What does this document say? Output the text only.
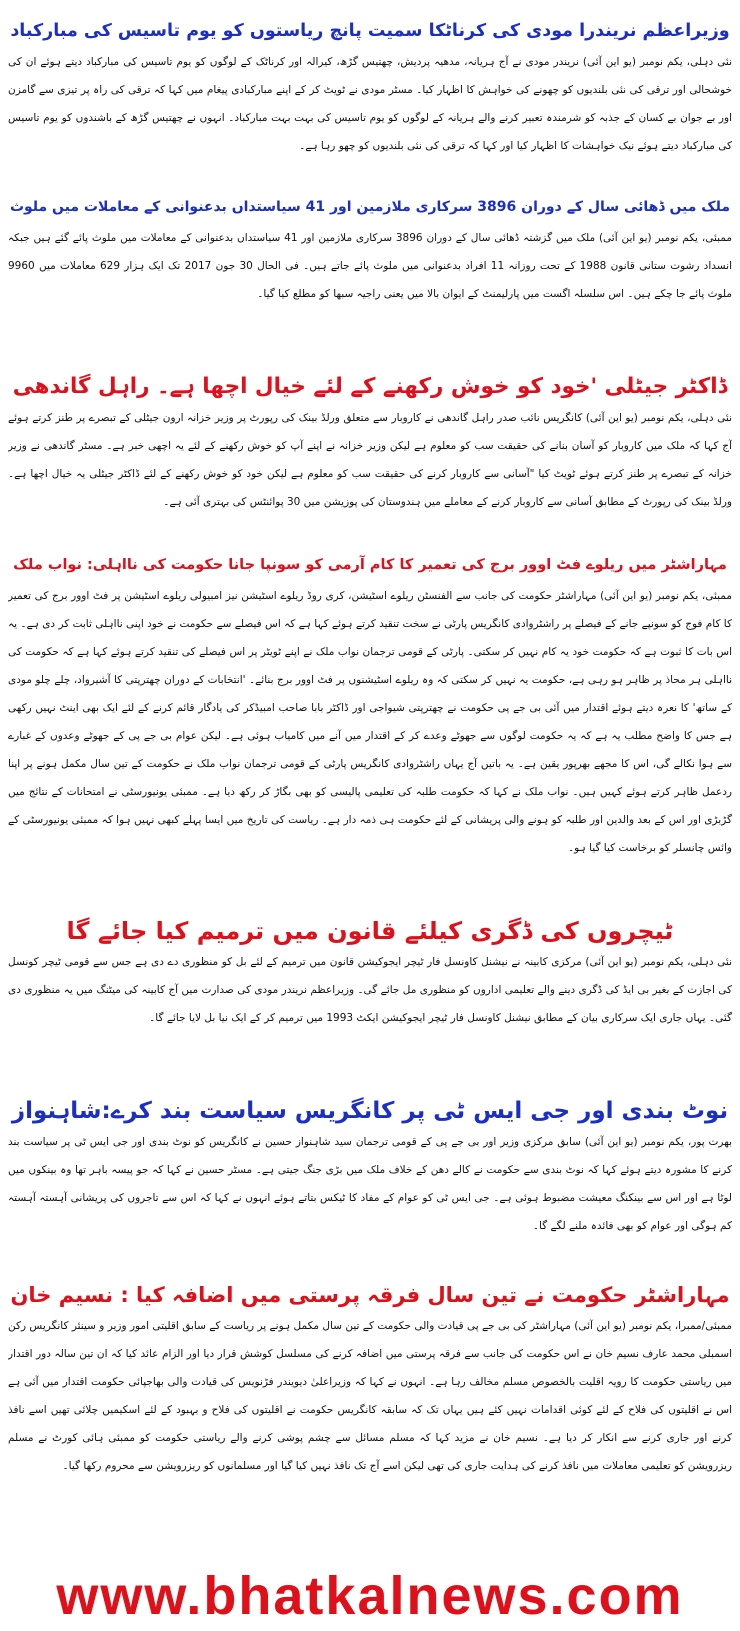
وزیراعظم نریندرا مودی کی کرناٹکا سمیت پانچ ریاستوں کو یوم تاسیس کی مبارکباد
نئی دہلی، یکم نومبر (یو این آئی) نریندر مودی نے آج ہریانہ، مدھیہ پردیش، چھتیس گڑھ، کیرالہ اور کرناٹک کے لوگوں کو یوم تاسیس کی مبارکباد دیتے ہوئے ان کی خوشحالی اور ترقی کی نئی بلندیوں کو چھونے کی خواہش کا اظہار کیا۔ مسٹر مودی نے ٹویٹ کر کے اپنے مبارکبادی پیغام میں کہا کہ ترقی کی راہ پر تیزی سے گامزن اور بے جوان بے کسان کے جذبہ کو شرمندہ تعبیر کرنے والے ہریانہ کے لوگوں کو یوم تاسیس کی بہت بہت مبارکباد۔ انہوں نے چھتیس گڑھ کے باشندوں کو یوم تاسیس کی مبارکباد دیتے ہوئے نیک خواہشات کا اظہار کیا اور کہا کہ ترقی کی نئی بلندیوں کو چھو رہا ہے۔
ملک میں ڈھائی سال کے دوران 3896 سرکاری ملازمین اور 41 سیاستداں بدعنوانی کے معاملات میں ملوث
ممبئی، یکم نومبر (یو این آئی) ملک میں گزشتہ ڈھائی سال کے دوران 3896 سرکاری ملازمین اور 41 سیاستداں بدعنوانی کے معاملات میں ملوث پائے گئے ہیں جبکہ انسداد رشوت ستانی قانون 1988 کے تحت روزانہ 11 افراد بدعنوانی میں ملوث پائے جاتے ہیں۔ فی الحال 30 جون 2017 تک ایک ہزار 629 معاملات میں 9960 ملوث پائے جا چکے ہیں۔ اس سلسلہ اگست میں پارلیمنٹ کے ایوان بالا میں یعنی راجیہ سبھا کو مطلع کیا گیا۔
ڈاکٹر جیٹلی 'خود کو خوش رکھنے کے لئے خیال اچھا ہے۔ راہل گاندھی
نئی دہلی، یکم نومبر (یو این آئی) کانگریس نائب صدر راہل گاندھی نے کاروبار سے متعلق ورلڈ بینک کی رپورٹ پر وزیر خزانہ ارون جیٹلی کے تبصرے پر طنز کرتے ہوئے آج کہا کہ ملک میں کاروبار کو آسان بنانے کی حقیقت سب کو معلوم ہے لیکن وزیر خزانہ نے اپنے آپ کو خوش رکھنے کے لئے یہ اچھی خبر ہے۔ مسٹر گاندھی نے وزیر خزانہ کے تبصرے پر طنز کرتے ہوئے ٹویٹ کیا "آسانی سے کاروبار کرنے کی حقیقت سب کو معلوم ہے لیکن خود کو خوش رکھنے کے لئے ڈاکٹر جیٹلی یہ خیال اچھا ہے۔ ورلڈ بینک کی رپورٹ کے مطابق آسانی سے کاروبار کرنے کے معاملے میں ہندوستان کی پوزیشن میں 30 پوائنٹس کی بہتری آئی ہے۔
مہاراشٹر میں ریلوے فٹ اوور برج کی تعمیر کا کام آرمی کو سونپا جانا حکومت کی نااہلی: نواب ملک
ممبئی، یکم نومبر (یو این آئی) مہاراشٹر حکومت کی جانب سے الفنسٹن ریلوے اسٹیشن، کری روڈ ریلوے اسٹیشن نیز امبیولی ریلوے اسٹیشن پر فٹ اوور برج کی تعمیر کا کام فوج کو سونپے جانے کے فیصلے پر راشٹروادی کانگریس پارٹی نے سخت تنقید کرتے ہوئے کہا ہے کہ اس فیصلے سے حکومت نے خود اپنی نااہلی ثابت کر دی ہے۔ یہ اس بات کا ثبوت ہے کہ حکومت خود یہ کام نہیں کر سکتی۔ پارٹی کے قومی ترجمان نواب ملک نے اپنے ٹویٹر پر اس فیصلے کی تنقید کرتے ہوئے کہا ہے کہ حکومت کی نااہلی ہر محاذ پر ظاہر ہو رہی ہے، حکومت یہ نہیں کر سکتی کہ وہ ریلوے اسٹیشنوں پر فٹ اوور برج بنائے۔ 'انتخابات کے دوران چھترپتی کا آشیرواد، چلے چلو مودی کے ساتھ' کا نعرہ دیتے ہوئے اقتدار میں آئی بی جے پی حکومت نے چھترپتی شیواجی اور ڈاکٹر بابا صاحب امبیڈکر کی یادگار قائم کرنے کے لئے ایک بھی اینٹ نہیں رکھی ہے جس کا واضح مطلب یہ ہے کہ یہ حکومت لوگوں سے جھوٹے وعدے کر کے اقتدار میں آنے میں کامیاب ہوئی ہے۔ لیکن عوام بی جے پی کے جھوٹے وعدوں کے غبارے سے ہوا نکالے گی، اس کا مجھے بھرپور یقین ہے۔ یہ باتیں آج یہاں راشٹروادی کانگریس پارٹی کے قومی ترجمان نواب ملک نے حکومت کے تین سال مکمل ہونے پر اپنا ردعمل ظاہر کرتے ہوئے کہیں ہیں۔ نواب ملک نے کہا کہ حکومت طلبہ کی تعلیمی پالیسی کو بھی بگاڑ کر رکھ دیا ہے۔ ممبئی یونیورسٹی نے امتحانات کے نتائج میں گڑبڑی اور اس کے بعد والدین اور طلبہ کو ہونے والی پریشانی کے لئے حکومت ہی ذمہ دار ہے۔ ریاست کی تاریخ میں ایسا پہلے کبھی نہیں ہوا کہ ممبئی یونیورسٹی کے وائس چانسلر کو برخاست کیا گیا ہو۔
ٹیچروں کی ڈگری کیلئے قانون میں ترمیم کیا جائے گا
نئی دہلی، یکم نومبر (یو این آئی) مرکزی کابینہ نے نیشنل کاونسل فار ٹیچر ایجوکیشن قانون میں ترمیم کے لئے بل کو منظوری دے دی ہے جس سے قومی ٹیچر کونسل کی اجازت کے بغیر بی ایڈ کی ڈگری دینے والے تعلیمی اداروں کو منظوری مل جائے گی۔ وزیراعظم نریندر مودی کی صدارت میں آج کابینہ کی میٹنگ میں یہ منظوری دی گئی۔ یہاں جاری ایک سرکاری بیان کے مطابق نیشنل کاونسل فار ٹیچر ایجوکیشن ایکٹ 1993 میں ترمیم کر کے ایک نیا بل لایا جائے گا۔
نوٹ بندی اور جی ایس ٹی پر کانگریس سیاست بند کرے:شاہنواز
بھرت پور، یکم نومبر (یو این آئی) سابق مرکزی وزیر اور بی جے پی کے قومی ترجمان سید شاہنواز حسین نے کانگریس کو نوٹ بندی اور جی ایس ٹی پر سیاست بند کرنے کا مشورہ دیتے ہوئے کہا کہ نوٹ بندی سے حکومت نے کالے دھن کے خلاف ملک میں بڑی جنگ جیتی ہے۔ مسٹر حسین نے کہا کہ جو پیسہ باہر تھا وہ بینکوں میں لوٹا ہے اور اس سے بینکنگ معیشت مضبوط ہوئی ہے۔ جی ایس ٹی کو عوام کے مفاد کا ٹیکس بتاتے ہوئے انہوں نے کہا کہ اس سے تاجروں کی پریشانی آہستہ آہستہ کم ہوگی اور عوام کو بھی فائدہ ملنے لگے گا۔
مہاراشٹر حکومت نے تین سال فرقہ پرستی میں اضافہ کیا : نسیم خان
ممبئی/ممبرا، یکم نومبر (یو این آئی) مہاراشٹر کی بی جے پی قیادت والی حکومت کے تین سال مکمل ہونے پر ریاست کے سابق اقلیتی امور وزیر و سینئر کانگریس رکن اسمبلی محمد عارف نسیم خان نے اس حکومت کی جانب سے فرقہ پرستی میں اضافہ کرنے کی مسلسل کوشش قرار دیا اور الزام عائد کیا کہ ان تین سالہ دور اقتدار میں ریاستی حکومت کا رویہ اقلیت بالخصوص مسلم مخالف رہا ہے۔ انہوں نے کہا کہ وزیراعلیٰ دیویندر فڑنویس کی قیادت والی بھاجپائی حکومت اقتدار میں آئی ہے اس نے اقلیتوں کی فلاح کے لئے کوئی اقدامات نہیں کئے ہیں یہاں تک کہ سابقہ کانگریس حکومت نے اقلیتوں کی فلاح و بہبود کے لئے اسکیمیں چلائی تھیں اسے نافذ کرنے اور جاری کرنے سے انکار کر دیا ہے۔ نسیم خان نے مزید کہا کہ مسلم مسائل سے چشم پوشی کرنے والے ریاستی حکومت کو ممبئی ہائی کورٹ نے مسلم ریزرویشن کو تعلیمی معاملات میں نافذ کرنے کی ہدایت جاری کی تھی لیکن اسے آج تک نافذ نہیں کیا گیا اور مسلمانوں کو ریزرویشن سے محروم رکھا گیا۔
www.bhatkalnews.com
